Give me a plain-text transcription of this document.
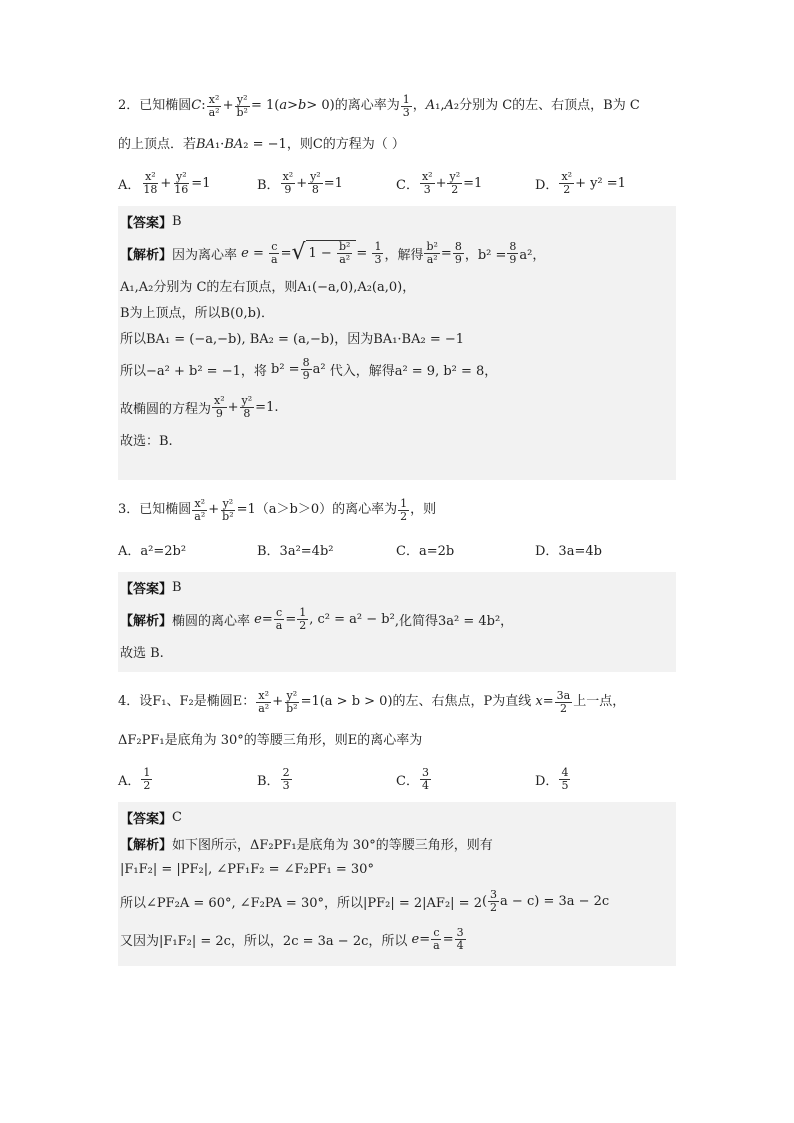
2．已知椭圆 C : $\frac{\text{x²}}{\text{a²}} + \frac{\text{y²}}{\text{b²}} = 1$( a > b > 0) 的离心率为 $\frac{1}{3}$ ， A ₁, A ₂ 分别为 C的左、右顶点，B为 C
的上顶点．若 BA ₁· BA ₂ = −1 ，则C的方程为（ ）
A． $\frac{\text{x²}}{18} + \frac{\text{y²}}{16} =1$	B． $\frac{\text{x²}}{9} + \frac{\text{y²}}{8} =1$	C． $\frac{\text{x²}}{3} + \frac{\text{y²}}{2} =1$	D． $\frac{\text{x²}}{2} + y^2 =1$
【答案】 B
【解析】 因为离心率 $e = \frac{c}{a}$ = √ $1 - \frac{\text{b²}}{\text{a²}} = \frac{1}{3}$ ，解得 $\frac{\text{b²}}{\text{a²}} = \frac{8}{9}$ ，$b^2 = \frac{8}{9} a^2$，
A₁,A₂分别为 C的左右顶点，则A₁(−a,0),A₂(a,0)，
B为上顶点，所以B(0,b)．
所以BA₁ = (−a,−b), BA₂ = (a,−b)，因为BA₁·BA₂ = −1
所以−a² + b² = −1，将 $b^2 = \frac{8}{9} a^2$ 代入，解得a² = 9, b² = 8，
故椭圆的方程为 $\frac{\text{x²}}{9} + \frac{\text{y²}}{8} =1$.
故选：B.
3．已知椭圆 $\frac{\text{x²}}{\text{a²}} + \frac{\text{y²}}{\text{b²}} =1$ （a＞b＞0）的离心率为 $\frac{1}{2}$ ，则
A．a²=2b²	B．3a²=4b²	C．a=2b	D．3a=4b
【答案】 B
【解析】 椭圆的离心率
$e = \frac{c}{a} = \frac{1}{2}$ , c² = a² − b² ,化简得3a² = 4b²，
故选 B.
4．设F₁、F₂是椭圆E： $\frac{\text{x²}}{\text{a²}} + \frac{\text{y²}}{\text{b²}} =1(a > b > 0)$ 的左、右焦点，P为直线
$x = \frac{3a}{2}$ 上一点，
ΔF₂PF₁是底角为 30°的等腰三角形，则E的离心率为
A． $\frac{1}{2}$	B． $\frac{2}{3}$	C． $\frac{3}{4}$	D． $\frac{4}{5}$
【答案】 C
【解析】 如下图所示，ΔF₂PF₁是底角为 30°的等腰三角形，则有
|F₁F₂| = |PF₂|, ∠PF₁F₂ = ∠F₂PF₁ = 30°
所以∠PF₂A = 60°, ∠F₂PA = 30°，所以|PF₂| = 2|AF₂| = 2 ( $\frac{3}{2}$ a − c) = 3a − 2c
又因为|F₁F₂| = 2c，所以，2c = 3a − 2c，所以
$e = \frac{c}{a} = \frac{3}{4}$
